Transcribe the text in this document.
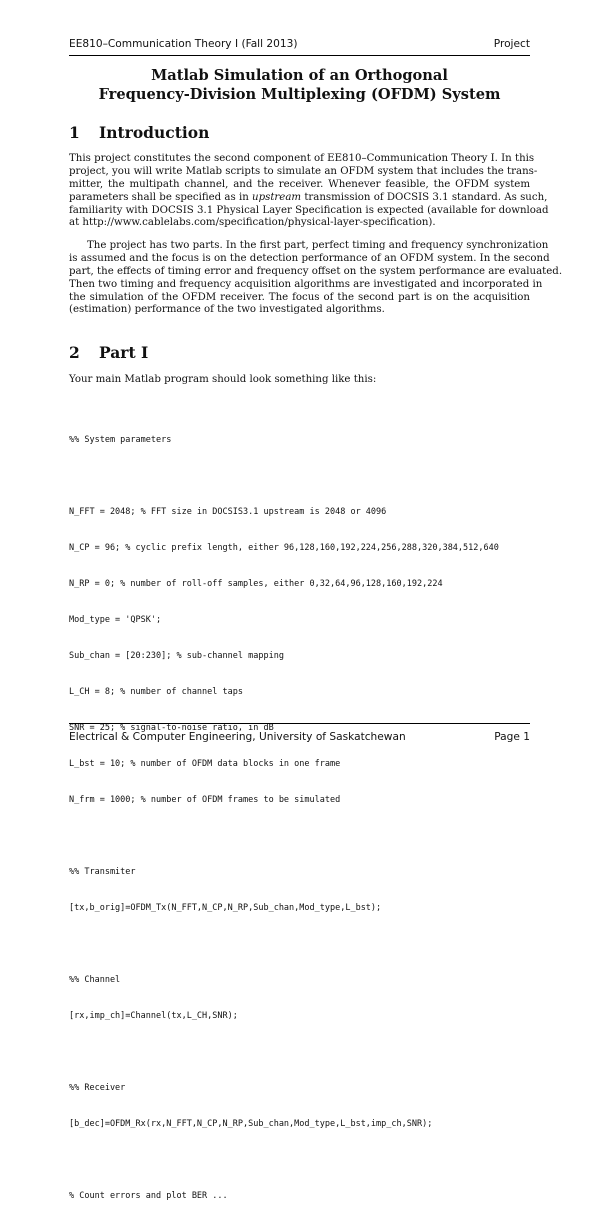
EE810–Communication Theory I (Fall 2013)	Project
Matlab Simulation of an Orthogonal
Frequency-Division Multiplexing (OFDM) System
1 Introduction
This project constitutes the second component of EE810–Communication Theory I. In this
project, you will write Matlab scripts to simulate an OFDM system that includes the trans-
mitter, the multipath channel, and the receiver. Whenever feasible, the OFDM system
parameters shall be specified as in upstream transmission of DOCSIS 3.1 standard. As such,
familiarity with DOCSIS 3.1 Physical Layer Specification is expected (available for download
at http://www.cablelabs.com/specification/physical-layer-specification).
The project has two parts. In the first part, perfect timing and frequency synchronization
is assumed and the focus is on the detection performance of an OFDM system. In the second
part, the effects of timing error and frequency offset on the system performance are evaluated.
Then two timing and frequency acquisition algorithms are investigated and incorporated in
the simulation of the OFDM receiver. The focus of the second part is on the acquisition
(estimation) performance of the two investigated algorithms.
2 Part I
Your main Matlab program should look something like this:

%% System parameters

N_FFT = 2048; % FFT size in DOCSIS3.1 upstream is 2048 or 4096

N_CP = 96; % cyclic prefix length, either 96,128,160,192,224,256,288,320,384,512,640

N_RP = 0; % number of roll-off samples, either 0,32,64,96,128,160,192,224

Mod_type = 'QPSK';

Sub_chan = [20:230]; % sub-channel mapping

L_CH = 8; % number of channel taps

SNR = 25; % signal-to-noise ratio, in dB

L_bst = 10; % number of OFDM data blocks in one frame

N_frm = 1000; % number of OFDM frames to be simulated

%% Transmiter

[tx,b_orig]=OFDM_Tx(N_FFT,N_CP,N_RP,Sub_chan,Mod_type,L_bst);

%% Channel

[rx,imp_ch]=Channel(tx,L_CH,SNR);

%% Receiver

[b_dec]=OFDM_Rx(rx,N_FFT,N_CP,N_RP,Sub_chan,Mod_type,L_bst,imp_ch,SNR);

% Count errors and plot BER ...

Electrical & Computer Engineering, University of Saskatchewan	Page 1
